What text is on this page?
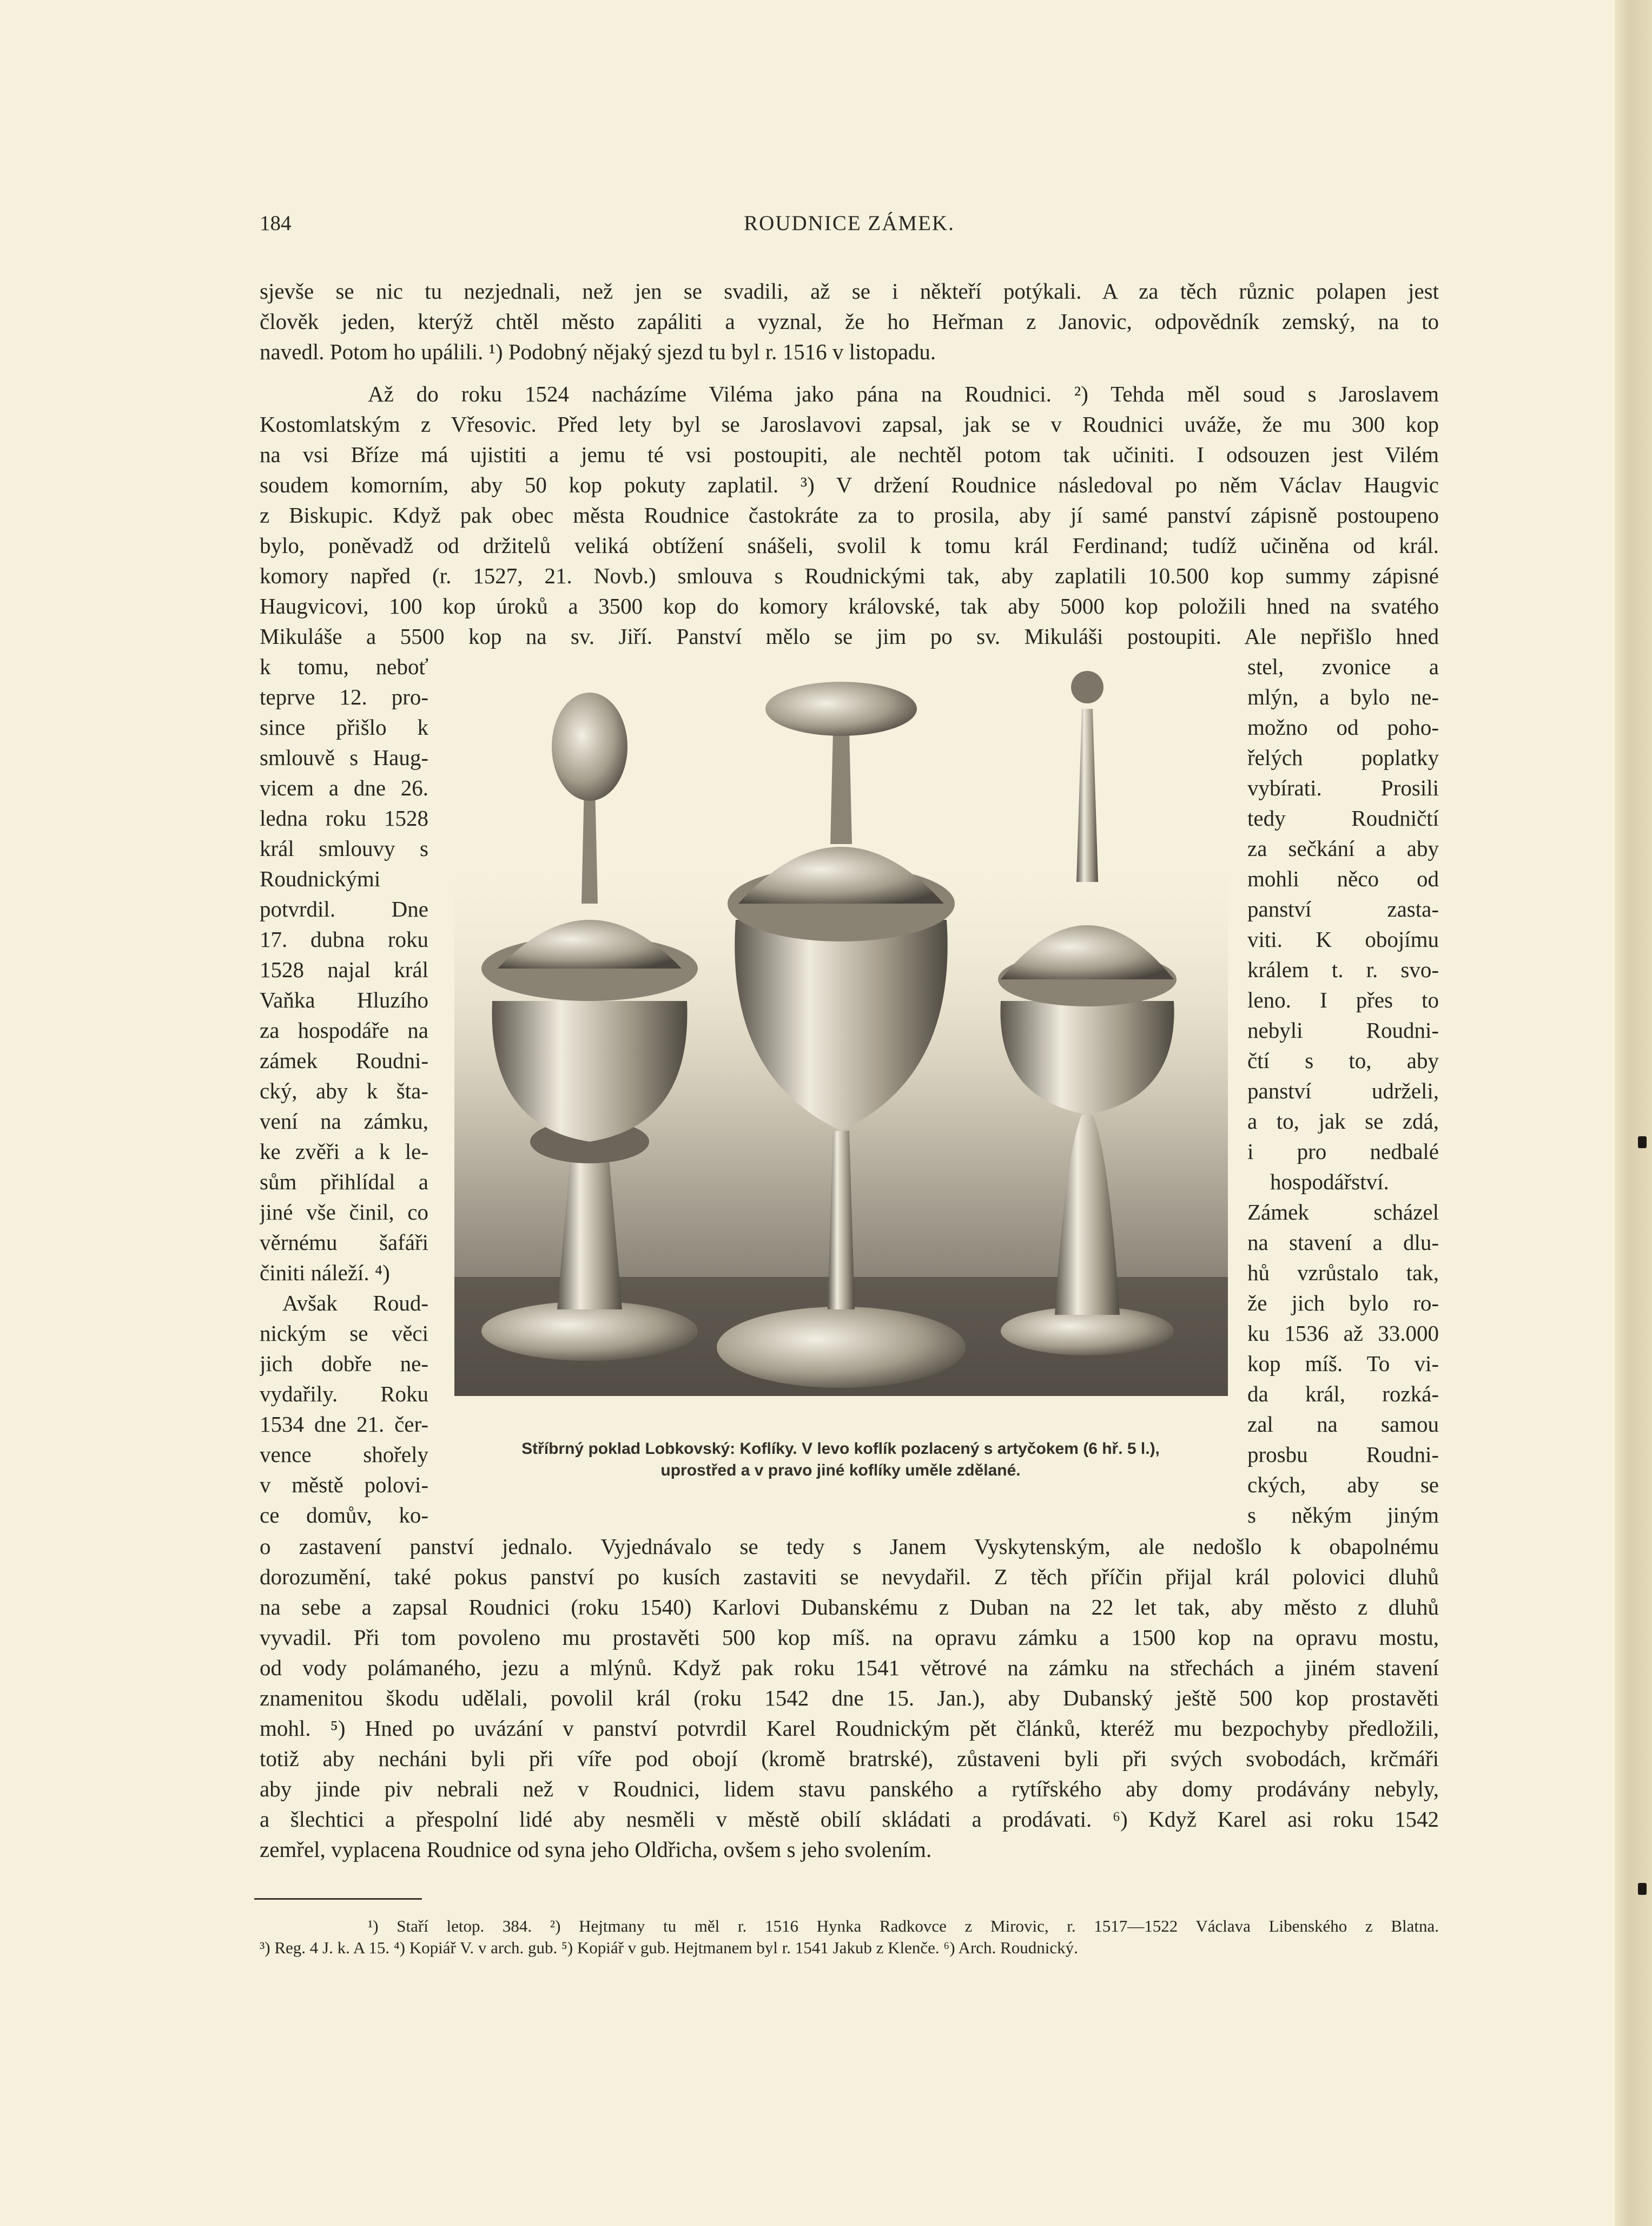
184	ROUDNICE ZÁMEK.
sjevše se nic tu nezjednali, než jen se svadili, až se i někteří potýkali. A za těch různic polapen jest
člověk jeden, kterýž chtěl město zapáliti a vyznal, že ho Heřman z Janovic, odpovědník zemský, na to
navedl. Potom ho upálili. ¹) Podobný nějaký sjezd tu byl r. 1516 v listopadu.
Až do roku 1524 nacházíme Viléma jako pána na Roudnici. ²) Tehda měl soud s Jaroslavem
Kostomlatským z Vřesovic. Před lety byl se Jaroslavovi zapsal, jak se v Roudnici uváže, že mu 300 kop
na vsi Bříze má ujistiti a jemu té vsi postoupiti, ale nechtěl potom tak učiniti. I odsouzen jest Vilém
soudem komorním, aby 50 kop pokuty zaplatil. ³) V držení Roudnice následoval po něm Václav Haugvic
z Biskupic. Když pak obec města Roudnice častokráte za to prosila, aby jí samé panství zápisně postoupeno
bylo, poněvadž od držitelů veliká obtížení snášeli, svolil k tomu král Ferdinand; tudíž učiněna od král.
komory napřed (r. 1527, 21. Novb.) smlouva s Roudnickými tak, aby zaplatili 10.500 kop summy zápisné
Haugvicovi, 100 kop úroků a 3500 kop do komory královské, tak aby 5000 kop položili hned na svatého
Mikuláše a 5500 kop na sv. Jiří. Panství mělo se jim po sv. Mikuláši postoupiti. Ale nepřišlo hned
k tomu, neboť
teprve 12. pro-
since přišlo k
smlouvě s Haug-
vicem a dne 26.
ledna roku 1528
král smlouvy s
Roudnickými
potvrdil. Dne
17. dubna roku
1528 najal král
Vaňka Hluzího
za hospodáře na
zámek Roudni-
cký, aby k šta-
vení na zámku,
ke zvěři a k le-
sům přihlídal a
jiné vše činil, co
věrnému šafáři
činiti náleží. ⁴)
Avšak Roud-
nickým se věci
jich dobře ne-
vydařily. Roku
1534 dne 21. čer-
vence shořely
v městě polovi-
ce domův, ko-
Stříbrný poklad Lobkovský: Koflíky. V levo koflík pozlacený s artyčokem (6 hř. 5 l.),
uprostřed a v pravo jiné koflíky uměle zdělané.
stel, zvonice a
mlýn, a bylo ne-
možno od poho-
řelých poplatky
vybírati. Prosili
tedy Roudničtí
za sečkání a aby
mohli něco od
panství zasta-
viti. K obojímu
králem t. r. svo-
leno. I přes to
nebyli Roudni-
čtí s to, aby
panství udrželi,
a to, jak se zdá,
i pro nedbalé
hospodářství.
Zámek scházel
na stavení a dlu-
hů vzrůstalo tak,
že jich bylo ro-
ku 1536 až 33.000
kop míš. To vi-
da král, rozká-
zal na samou
prosbu Roudni-
ckých, aby se
s někým jiným
o zastavení panství jednalo. Vyjednávalo se tedy s Janem Vyskytenským, ale nedošlo k obapolnému
dorozumění, také pokus panství po kusích zastaviti se nevydařil. Z těch příčin přijal král polovici dluhů
na sebe a zapsal Roudnici (roku 1540) Karlovi Dubanskému z Duban na 22 let tak, aby město z dluhů
vyvadil. Při tom povoleno mu prostavěti 500 kop míš. na opravu zámku a 1500 kop na opravu mostu,
od vody polámaného, jezu a mlýnů. Když pak roku 1541 větrové na zámku na střechách a jiném stavení
znamenitou škodu udělali, povolil král (roku 1542 dne 15. Jan.), aby Dubanský ještě 500 kop prostavěti
mohl. ⁵) Hned po uvázání v panství potvrdil Karel Roudnickým pět článků, kteréž mu bezpochyby předložili,
totiž aby necháni byli při víře pod obojí (kromě bratrské), zůstaveni byli při svých svobodách, krčmáři
aby jinde piv nebrali než v Roudnici, lidem stavu panského a rytířského aby domy prodávány nebyly,
a šlechtici a přespolní lidé aby nesměli v městě obilí skládati a prodávati. ⁶) Když Karel asi roku 1542
zemřel, vyplacena Roudnice od syna jeho Oldřicha, ovšem s jeho svolením.
¹) Staří letop. 384. ²) Hejtmany tu měl r. 1516 Hynka Radkovce z Mirovic, r. 1517—1522 Václava Libenského z Blatna.
³) Reg. 4 J. k. A 15. ⁴) Kopiář V. v arch. gub. ⁵) Kopiář v gub. Hejtmanem byl r. 1541 Jakub z Klenče. ⁶) Arch. Roudnický.
